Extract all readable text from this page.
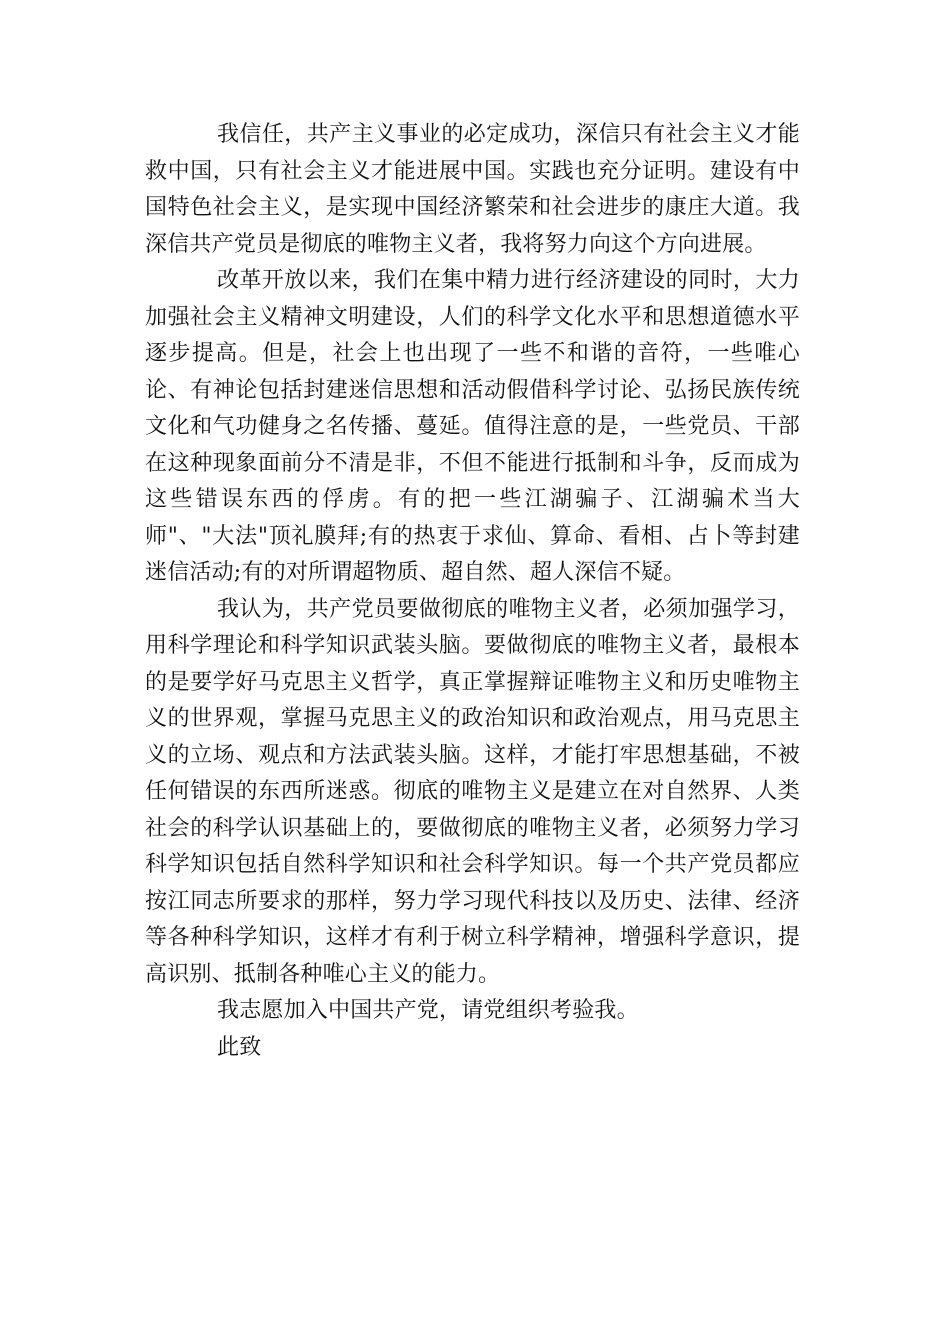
我信任，共产主义事业的必定成功，深信只有社会主义才能救中国，只有社会主义才能进展中国。实践也充分证明。建设有中国特色社会主义，是实现中国经济繁荣和社会进步的康庄大道。我深信共产党员是彻底的唯物主义者，我将努力向这个方向进展。

改革开放以来，我们在集中精力进行经济建设的同时，大力加强社会主义精神文明建设，人们的科学文化水平和思想道德水平逐步提高。但是，社会上也出现了一些不和谐的音符，一些唯心论、有神论包括封建迷信思想和活动假借科学讨论、弘扬民族传统文化和气功健身之名传播、蔓延。值得注意的是，一些党员、干部在这种现象面前分不清是非，不但不能进行抵制和斗争，反而成为这些错误东西的俘虏。有的把一些江湖骗子、江湖骗术当大师"、"大法"顶礼膜拜;有的热衷于求仙、算命、看相、占卜等封建迷信活动;有的对所谓超物质、超自然、超人深信不疑。

我认为，共产党员要做彻底的唯物主义者，必须加强学习，用科学理论和科学知识武装头脑。要做彻底的唯物主义者，最根本的是要学好马克思主义哲学，真正掌握辩证唯物主义和历史唯物主义的世界观，掌握马克思主义的政治知识和政治观点，用马克思主义的立场、观点和方法武装头脑。这样，才能打牢思想基础，不被任何错误的东西所迷惑。彻底的唯物主义是建立在对自然界、人类社会的科学认识基础上的，要做彻底的唯物主义者，必须努力学习科学知识包括自然科学知识和社会科学知识。每一个共产党员都应按江同志所要求的那样，努力学习现代科技以及历史、法律、经济等各种科学知识，这样才有利于树立科学精神，增强科学意识，提高识别、抵制各种唯心主义的能力。

我志愿加入中国共产党，请党组织考验我。

此致
